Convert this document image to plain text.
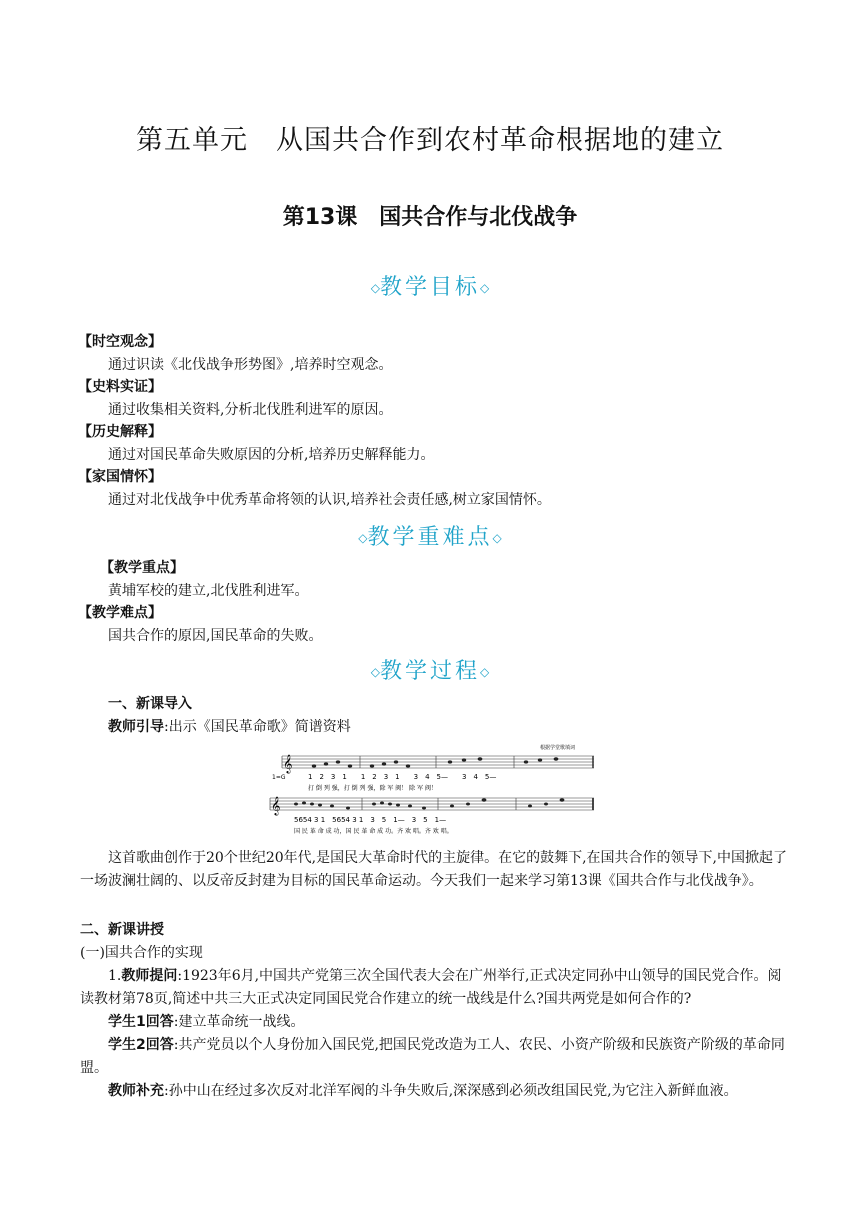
第五单元　从国共合作到农村革命根据地的建立
第13课　国共合作与北伐战争
◇教学目标◇
【时空观念】
通过识读《北伐战争形势图》,培养时空观念。
【史料实证】
通过收集相关资料,分析北伐胜利进军的原因。
【历史解释】
通过对国民革命失败原因的分析,培养历史解释能力。
【家国情怀】
通过对北伐战争中优秀革命将领的认识,培养社会责任感,树立家国情怀。
◇教学重难点◇
【教学重点】
黄埔军校的建立,北伐胜利进军。
【教学难点】
国共合作的原因,国民革命的失败。
◇教学过程◇
一、新课导入
教师引导:出示《国民革命歌》简谱资料
根据学堂歌填词
𝄞
1=G	1　2　3　1　　1　2　3　1　　3　4　5—　　3　4　5—
打 倒 列 强，打 倒 列 强，除 军 阀！ 除 军 阀！
𝄞
5654 3 1　5654 3 1　3　5　1—　3　5　1—
国 民 革 命 成 功，国 民 革 命 成 功。齐 欢 唱。齐 欢 唱。
这首歌曲创作于20个世纪20年代,是国民大革命时代的主旋律。在它的鼓舞下,在国共合作的领导下,中国掀起了一场波澜壮阔的、以反帝反封建为目标的国民革命运动。今天我们一起来学习第13课《国共合作与北伐战争》。
二、新课讲授
(一)国共合作的实现
1.教师提问:1923年6月,中国共产党第三次全国代表大会在广州举行,正式决定同孙中山领导的国民党合作。阅读教材第78页,简述中共三大正式决定同国民党合作建立的统一战线是什么?国共两党是如何合作的?
学生1回答:建立革命统一战线。
学生2回答:共产党员以个人身份加入国民党,把国民党改造为工人、农民、小资产阶级和民族资产阶级的革命同盟。
教师补充:孙中山在经过多次反对北洋军阀的斗争失败后,深深感到必须改组国民党,为它注入新鲜血液。
